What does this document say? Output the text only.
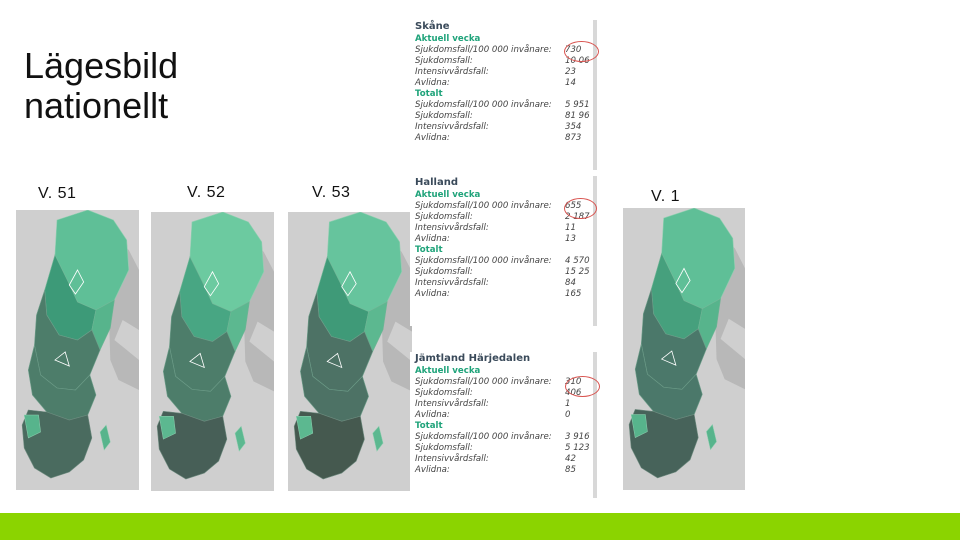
Lägesbild
nationellt
V. 51	V. 52	V. 53	V. 1
Skåne
Aktuell vecka
Sjukdomsfall/100 000 invånare: 730
Sjukdomsfall:	10 06
Intensivvårdsfall:	23
Avlidna:	14
Totalt
Sjukdomsfall/100 000 invånare: 5 951
Sjukdomsfall:	81 96
Intensivvårdsfall:	354
Avlidna:	873
Halland
Aktuell vecka
Sjukdomsfall/100 000 invånare: 655
Sjukdomsfall:	2 187
Intensivvårdsfall:	11
Avlidna:	13
Totalt
Sjukdomsfall/100 000 invånare: 4 570
Sjukdomsfall:	15 25
Intensivvårdsfall:	84
Avlidna:	165
Jämtland Härjedalen
Aktuell vecka
Sjukdomsfall/100 000 invånare: 310
Sjukdomsfall:	406
Intensivvårdsfall:	1
Avlidna:	0
Totalt
Sjukdomsfall/100 000 invånare: 3 916
Sjukdomsfall:	5 123
Intensivvårdsfall:	42
Avlidna:	85
